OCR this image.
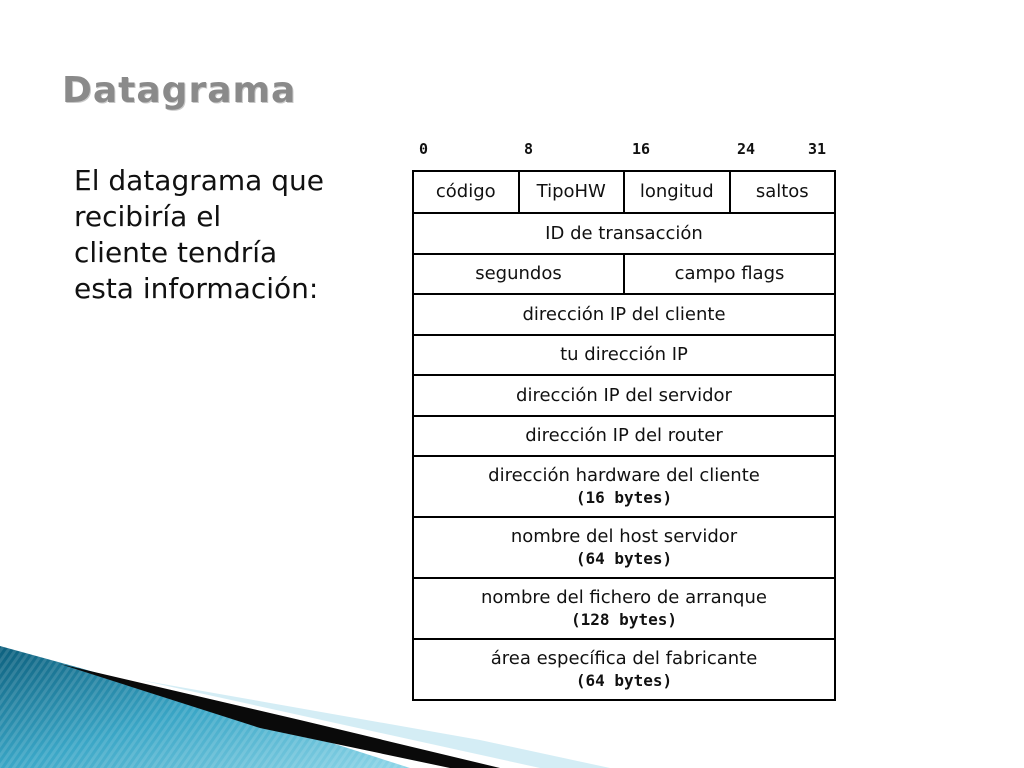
Datagrama
El datagrama que
recibiría el
cliente tendría
esta información:
0	8	16	24	31
código	TipoHW	longitud	saltos
ID de transacción
segundos	campo flags
dirección IP del cliente
tu dirección IP
dirección IP del servidor
dirección IP del router
dirección hardware del cliente
(16 bytes)
nombre del host servidor
(64 bytes)
nombre del fichero de arranque
(128 bytes)
área específica del fabricante
(64 bytes)
